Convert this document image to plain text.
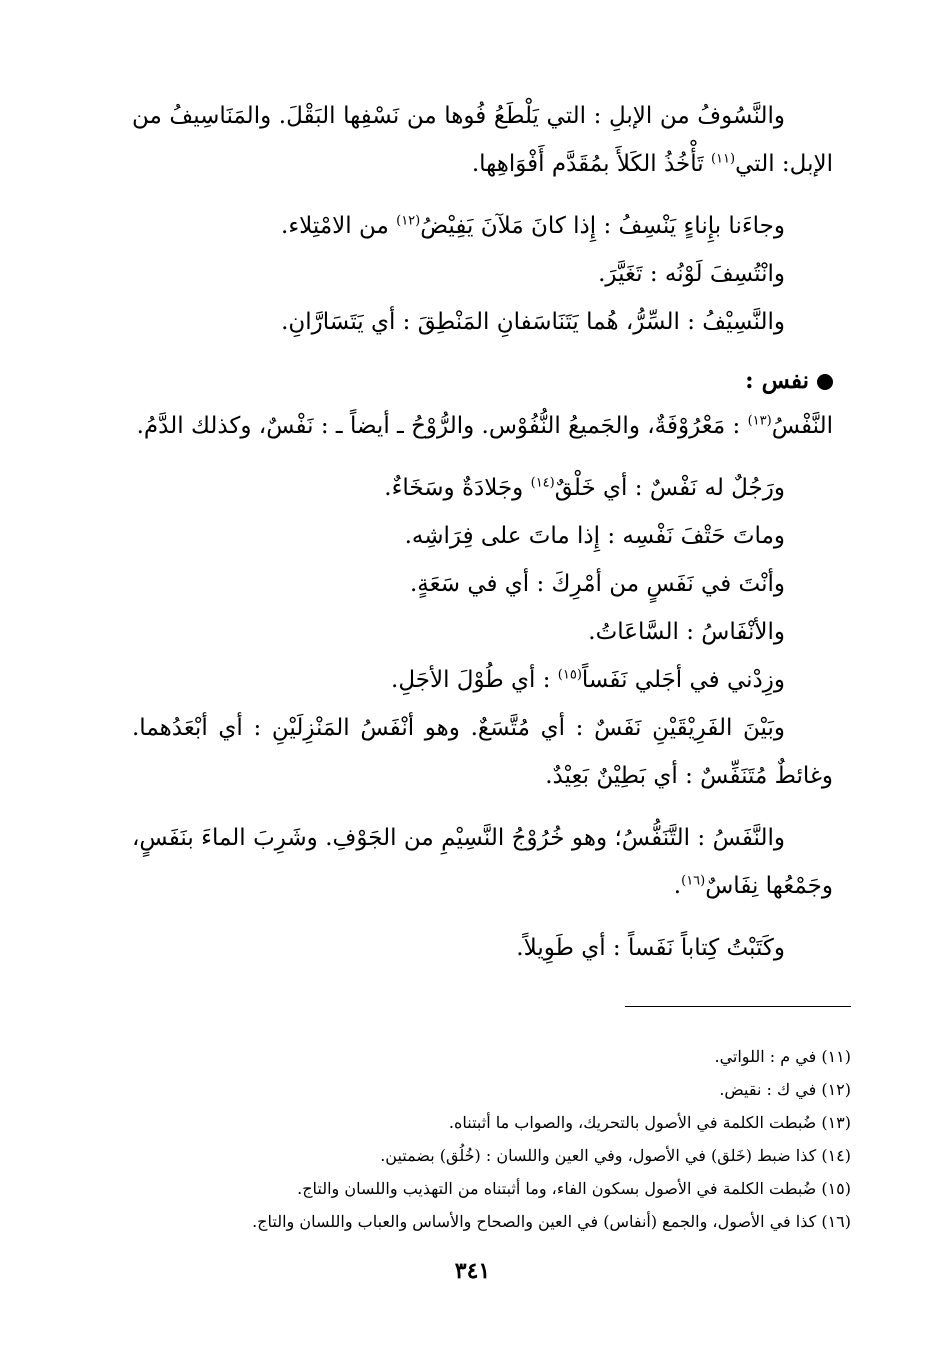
والنَّسُوفُ من الإبلِ : التي يَلْطَعُ فُوها من نَسْفِها البَقْلَ. والمَنَاسِيفُ من الإبل: التي$^{(١١)}$ تَأْخُذُ الكَلأَ بمُقَدَّم أَفْوَاهِها.

وجاءَنا بإِناءٍ يَنْسِفُ : إِذا كانَ مَلآنَ يَفِيْضُ$^{(١٢)}$ من الامْتِلاء.

وانْتُسِفَ لَوْنُه : تَغَيَّرَ.

والنَّسِيْفُ : السِّرُّ، هُما يَتَنَاسَفانِ المَنْطِقَ : أي يَتَسَارَّانِ.

نفس :

النَّفْسُ$^{(١٣)}$ : مَعْرُوْفَةٌ، والجَميعُ النُّفُوْس. والرُّوْحُ ـ أيضاً ـ : نَفْسٌ، وكذلك الدَّمُ.

ورَجُلٌ له نَفْسٌ : أي خَلْقٌ$^{(١٤)}$ وجَلادَةٌ وسَخَاءٌ.

وماتَ حَتْفَ نَفْسِه : إِذا ماتَ على فِرَاشِه.

وأنْتَ في نَفَسٍ من أمْرِكَ : أي في سَعَةٍ.

والأنْفَاسُ : السَّاعَاتُ.

وزِدْني في أجَلي نَفَساً$^{(١٥)}$ : أي طُوْلَ الأجَلِ.

وبَيْنَ الفَرِيْقَيْنِ نَفَسٌ : أي مُتَّسَعٌ. وهو أنْفَسُ المَنْزِلَيْنِ : أي أبْعَدُهما. وغائطٌ مُتَنَفِّسٌ : أي بَطِيْنٌ بَعِيْدٌ.

والنَّفَسُ : التَّنَفُّسُ؛ وهو خُرُوْجُ النَّسِيْمِ من الجَوْفِ. وشَرِبَ الماءَ بنَفَسٍ، وجَمْعُها نِفَاسٌ$^{(١٦)}$.

وكَتَبْتُ كِتاباً نَفَساً : أي طَوِيلاً.

(١١) في م : اللواتي.

(١٢) في ك : نقيض.

(١٣) ضُبطت الكلمة في الأصول بالتحريك، والصواب ما أثبتناه.

(١٤) كذا ضبط (خَلق) في الأصول، وفي العين واللسان : (خُلُق) بضمتين.

(١٥) ضُبطت الكلمة في الأصول بسكون الفاء، وما أثبتناه من التهذيب واللسان والتاج.

(١٦) كذا في الأصول، والجمع (أنفاس) في العين والصحاح والأساس والعباب واللسان والتاج.

٣٤١
